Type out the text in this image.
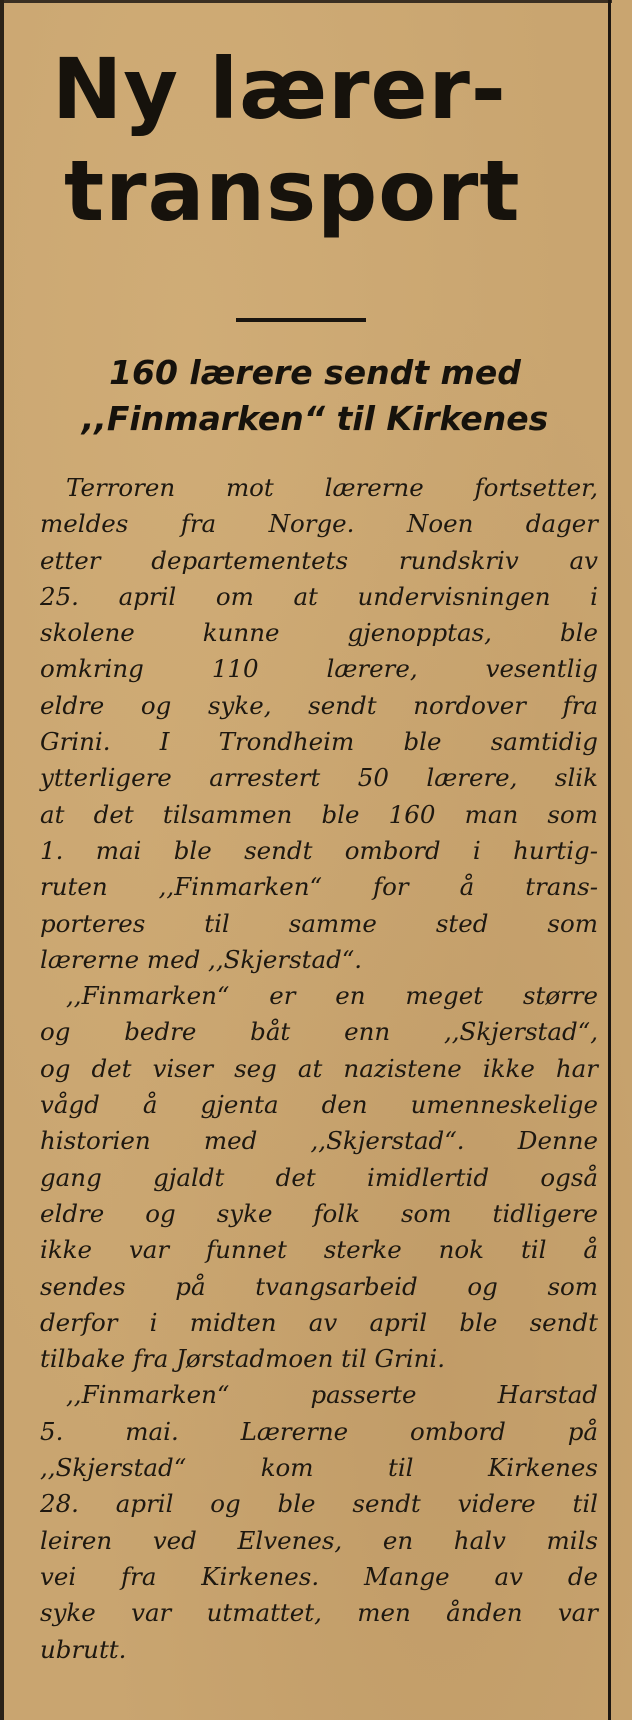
Ny lærer-
transport
160 lærere sendt med
,,Finmarken“ til Kirkenes
Terroren mot lærerne fortsetter,
meldes fra Norge. Noen dager
etter departementets rundskriv av
25. april om at undervisningen i
skolene kunne gjenopptas, ble
omkring 110 lærere, vesentlig
eldre og syke, sendt nordover fra
Grini. I Trondheim ble samtidig
ytterligere arrestert 50 lærere, slik
at det tilsammen ble 160 man som
1. mai ble sendt ombord i hurtig-
ruten ,,Finmarken“ for å trans-
porteres til samme sted som
lærerne med ,,Skjerstad“.
,,Finmarken“ er en meget større
og bedre båt enn ,,Skjerstad“,
og det viser seg at nazistene ikke har
vågd å gjenta den umenneskelige
historien med ,,Skjerstad“. Denne
gang gjaldt det imidlertid også
eldre og syke folk som tidligere
ikke var funnet sterke nok til å
sendes på tvangsarbeid og som
derfor i midten av april ble sendt
tilbake fra Jørstadmoen til Grini.
,,Finmarken“ passerte Harstad
5. mai. Lærerne ombord på
,,Skjerstad“ kom til Kirkenes
28. april og ble sendt videre til
leiren ved Elvenes, en halv mils
vei fra Kirkenes. Mange av de
syke var utmattet, men ånden var
ubrutt.
